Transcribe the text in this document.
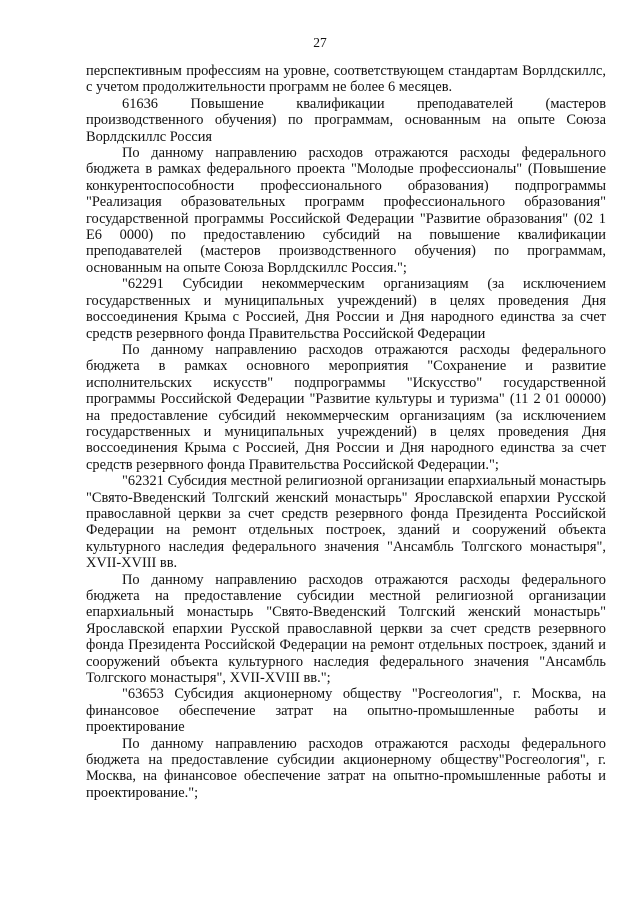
27

перспективным профессиям на уровне, соответствующем стандартам Ворлдскиллс, с учетом продолжительности программ не более 6 месяцев.

61636 Повышение квалификации преподавателей (мастеров производственного обучения) по программам, основанным на опыте Союза Ворлдскиллс Россия

По данному направлению расходов отражаются расходы федерального бюджета в рамках федерального проекта "Молодые профессионалы" (Повышение конкурентоспособности профессионального образования) подпрограммы "Реализация образовательных программ профессионального образования" государственной программы Российской Федерации "Развитие образования" (02 1 Е6 0000) по предоставлению субсидий на повышение квалификации преподавателей (мастеров производственного обучения) по программам, основанным на опыте Союза Ворлдскиллс Россия.";

"62291 Субсидии некоммерческим организациям (за исключением государственных и муниципальных учреждений) в целях проведения Дня воссоединения Крыма с Россией, Дня России и Дня народного единства за счет средств резервного фонда Правительства Российской Федерации

По данному направлению расходов отражаются расходы федерального бюджета в рамках основного мероприятия "Сохранение и развитие исполнительских искусств" подпрограммы "Искусство" государственной программы Российской Федерации "Развитие культуры и туризма" (11 2 01 00000) на предоставление субсидий некоммерческим организациям (за исключением государственных и муниципальных учреждений) в целях проведения Дня воссоединения Крыма с Россией, Дня России и Дня народного единства за счет средств резервного фонда Правительства Российской Федерации.";

"62321 Субсидия местной религиозной организации епархиальный монастырь "Свято-Введенский Толгский женский монастырь" Ярославской епархии Русской православной церкви за счет средств резервного фонда Президента Российской Федерации на ремонт отдельных построек, зданий и сооружений объекта культурного наследия федерального значения "Ансамбль Толгского монастыря", XVII-XVIII вв.

По данному направлению расходов отражаются расходы федерального бюджета на предоставление субсидии местной религиозной организации епархиальный монастырь "Свято-Введенский Толгский женский монастырь" Ярославской епархии Русской православной церкви за счет средств резервного фонда Президента Российской Федерации на ремонт отдельных построек, зданий и сооружений объекта культурного наследия федерального значения "Ансамбль Толгского монастыря", XVII-XVIII вв.";

"63653 Субсидия акционерному обществу "Росгеология", г. Москва, на финансовое обеспечение затрат на опытно-промышленные работы и проектирование

По данному направлению расходов отражаются расходы федерального бюджета на предоставление субсидии акционерному обществу"Росгеология", г. Москва, на финансовое обеспечение затрат на опытно-промышленные работы и проектирование.";
